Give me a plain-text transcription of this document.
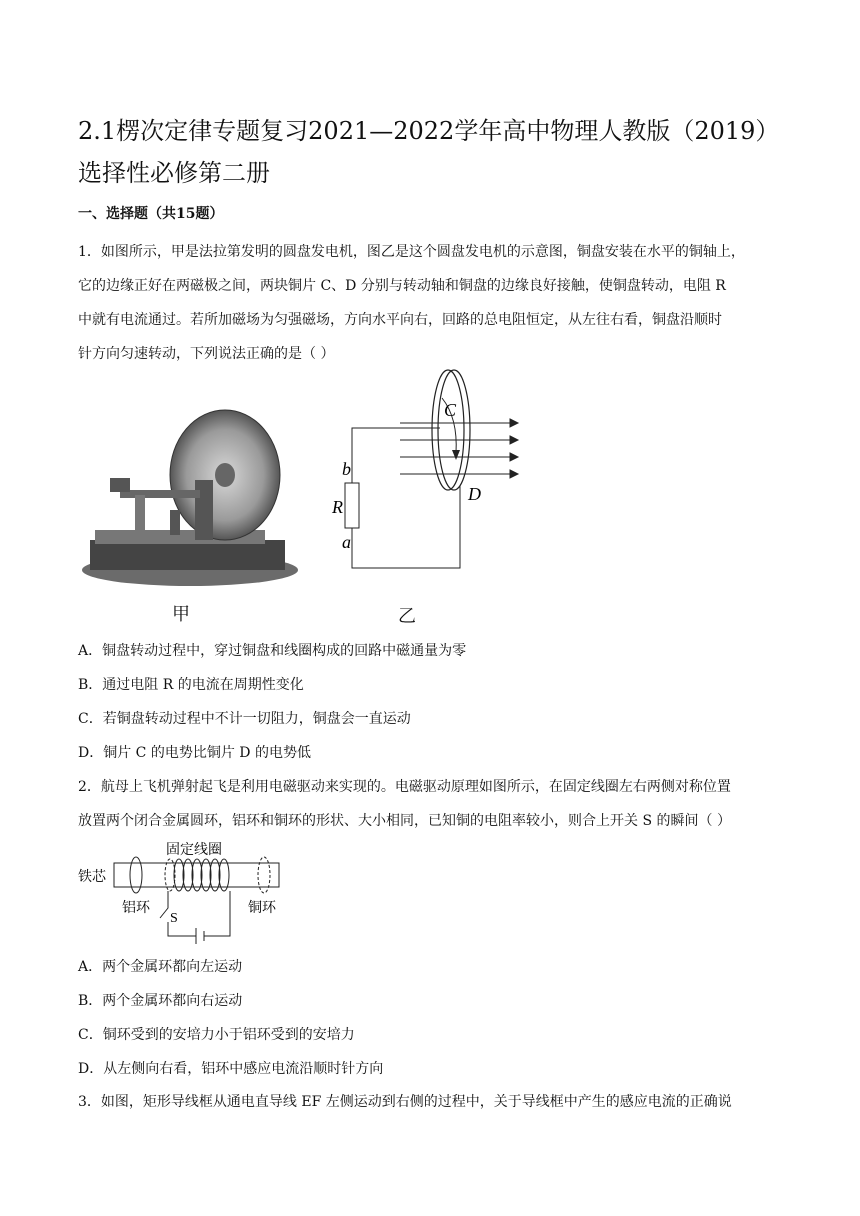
2.1楞次定律专题复习2021—2022学年高中物理人教版（2019）选择性必修第二册
一、选择题（共15题）
1．如图所示，甲是法拉第发明的圆盘发电机，图乙是这个圆盘发电机的示意图，铜盘安装在水平的铜轴上，
它的边缘正好在两磁极之间，两块铜片 C、D 分别与转动轴和铜盘的边缘良好接触，使铜盘转动，电阻 R
中就有电流通过。若所加磁场为匀强磁场，方向水平向右，回路的总电阻恒定，从左往右看，铜盘沿顺时
针方向匀速转动，下列说法正确的是（ ）
C
D
b
R
a
甲	乙
A．铜盘转动过程中，穿过铜盘和线圈构成的回路中磁通量为零
B．通过电阻 R 的电流在周期性变化
C．若铜盘转动过程中不计一切阻力，铜盘会一直运动
D．铜片 C 的电势比铜片 D 的电势低
2．航母上飞机弹射起飞是利用电磁驱动来实现的。电磁驱动原理如图所示，在固定线圈左右两侧对称位置
放置两个闭合金属圆环，铝环和铜环的形状、大小相同，已知铜的电阻率较小，则合上开关 S 的瞬间（ ）
固定线圈
铁芯
铝环	铜环
S
A．两个金属环都向左运动
B．两个金属环都向右运动
C．铜环受到的安培力小于铝环受到的安培力
D．从左侧向右看，铝环中感应电流沿顺时针方向
3．如图，矩形导线框从通电直导线 EF 左侧运动到右侧的过程中，关于导线框中产生的感应电流的正确说
